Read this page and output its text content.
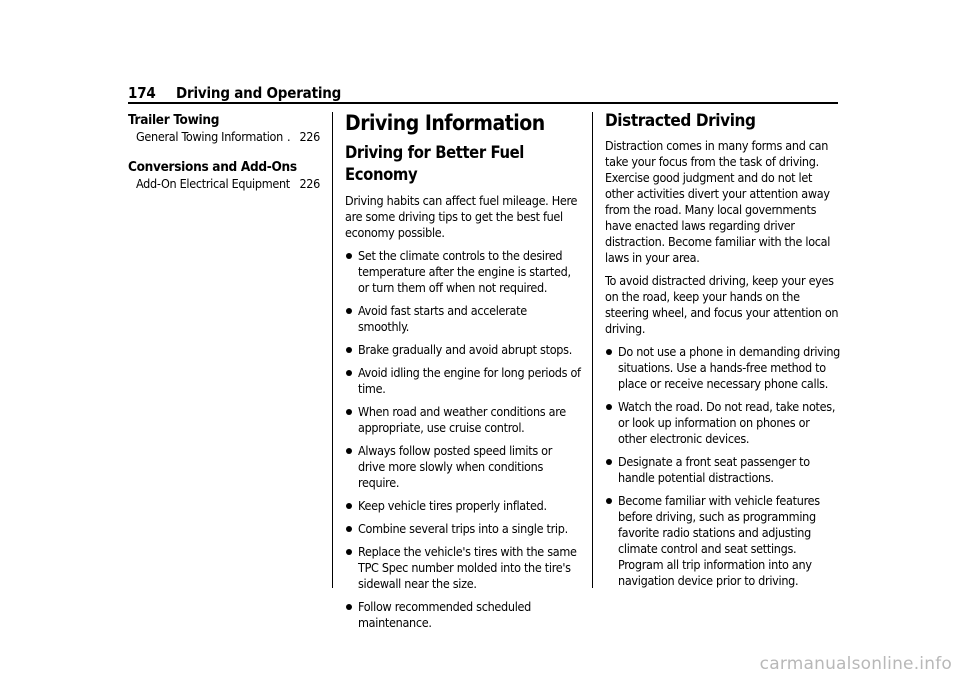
174 Driving and Operating
Trailer Towing
General Towing Information . . . 226
Conversions and Add-Ons
Add-On Electrical Equipment . . . 226
Driving Information
Driving for Better Fuel Economy

Driving habits can affect fuel mileage. Here are some driving tips to get the best fuel economy possible.

Set the climate controls to the desired temperature after the engine is started, or turn them off when not required.
Avoid fast starts and accelerate smoothly.
Brake gradually and avoid abrupt stops.
Avoid idling the engine for long periods of time.
When road and weather conditions are appropriate, use cruise control.
Always follow posted speed limits or drive more slowly when conditions require.
Keep vehicle tires properly inflated.
Combine several trips into a single trip.
Replace the vehicle's tires with the same TPC Spec number molded into the tire's sidewall near the size.
Follow recommended scheduled maintenance.
Distracted Driving

Distraction comes in many forms and can take your focus from the task of driving. Exercise good judgment and do not let other activities divert your attention away from the road. Many local governments have enacted laws regarding driver distraction. Become familiar with the local laws in your area.

To avoid distracted driving, keep your eyes on the road, keep your hands on the steering wheel, and focus your attention on driving.

Do not use a phone in demanding driving situations. Use a hands-free method to place or receive necessary phone calls.
Watch the road. Do not read, take notes, or look up information on phones or other electronic devices.
Designate a front seat passenger to handle potential distractions.
Become familiar with vehicle features before driving, such as programming favorite radio stations and adjusting climate control and seat settings. Program all trip information into any navigation device prior to driving.
carmanualsonline.info
